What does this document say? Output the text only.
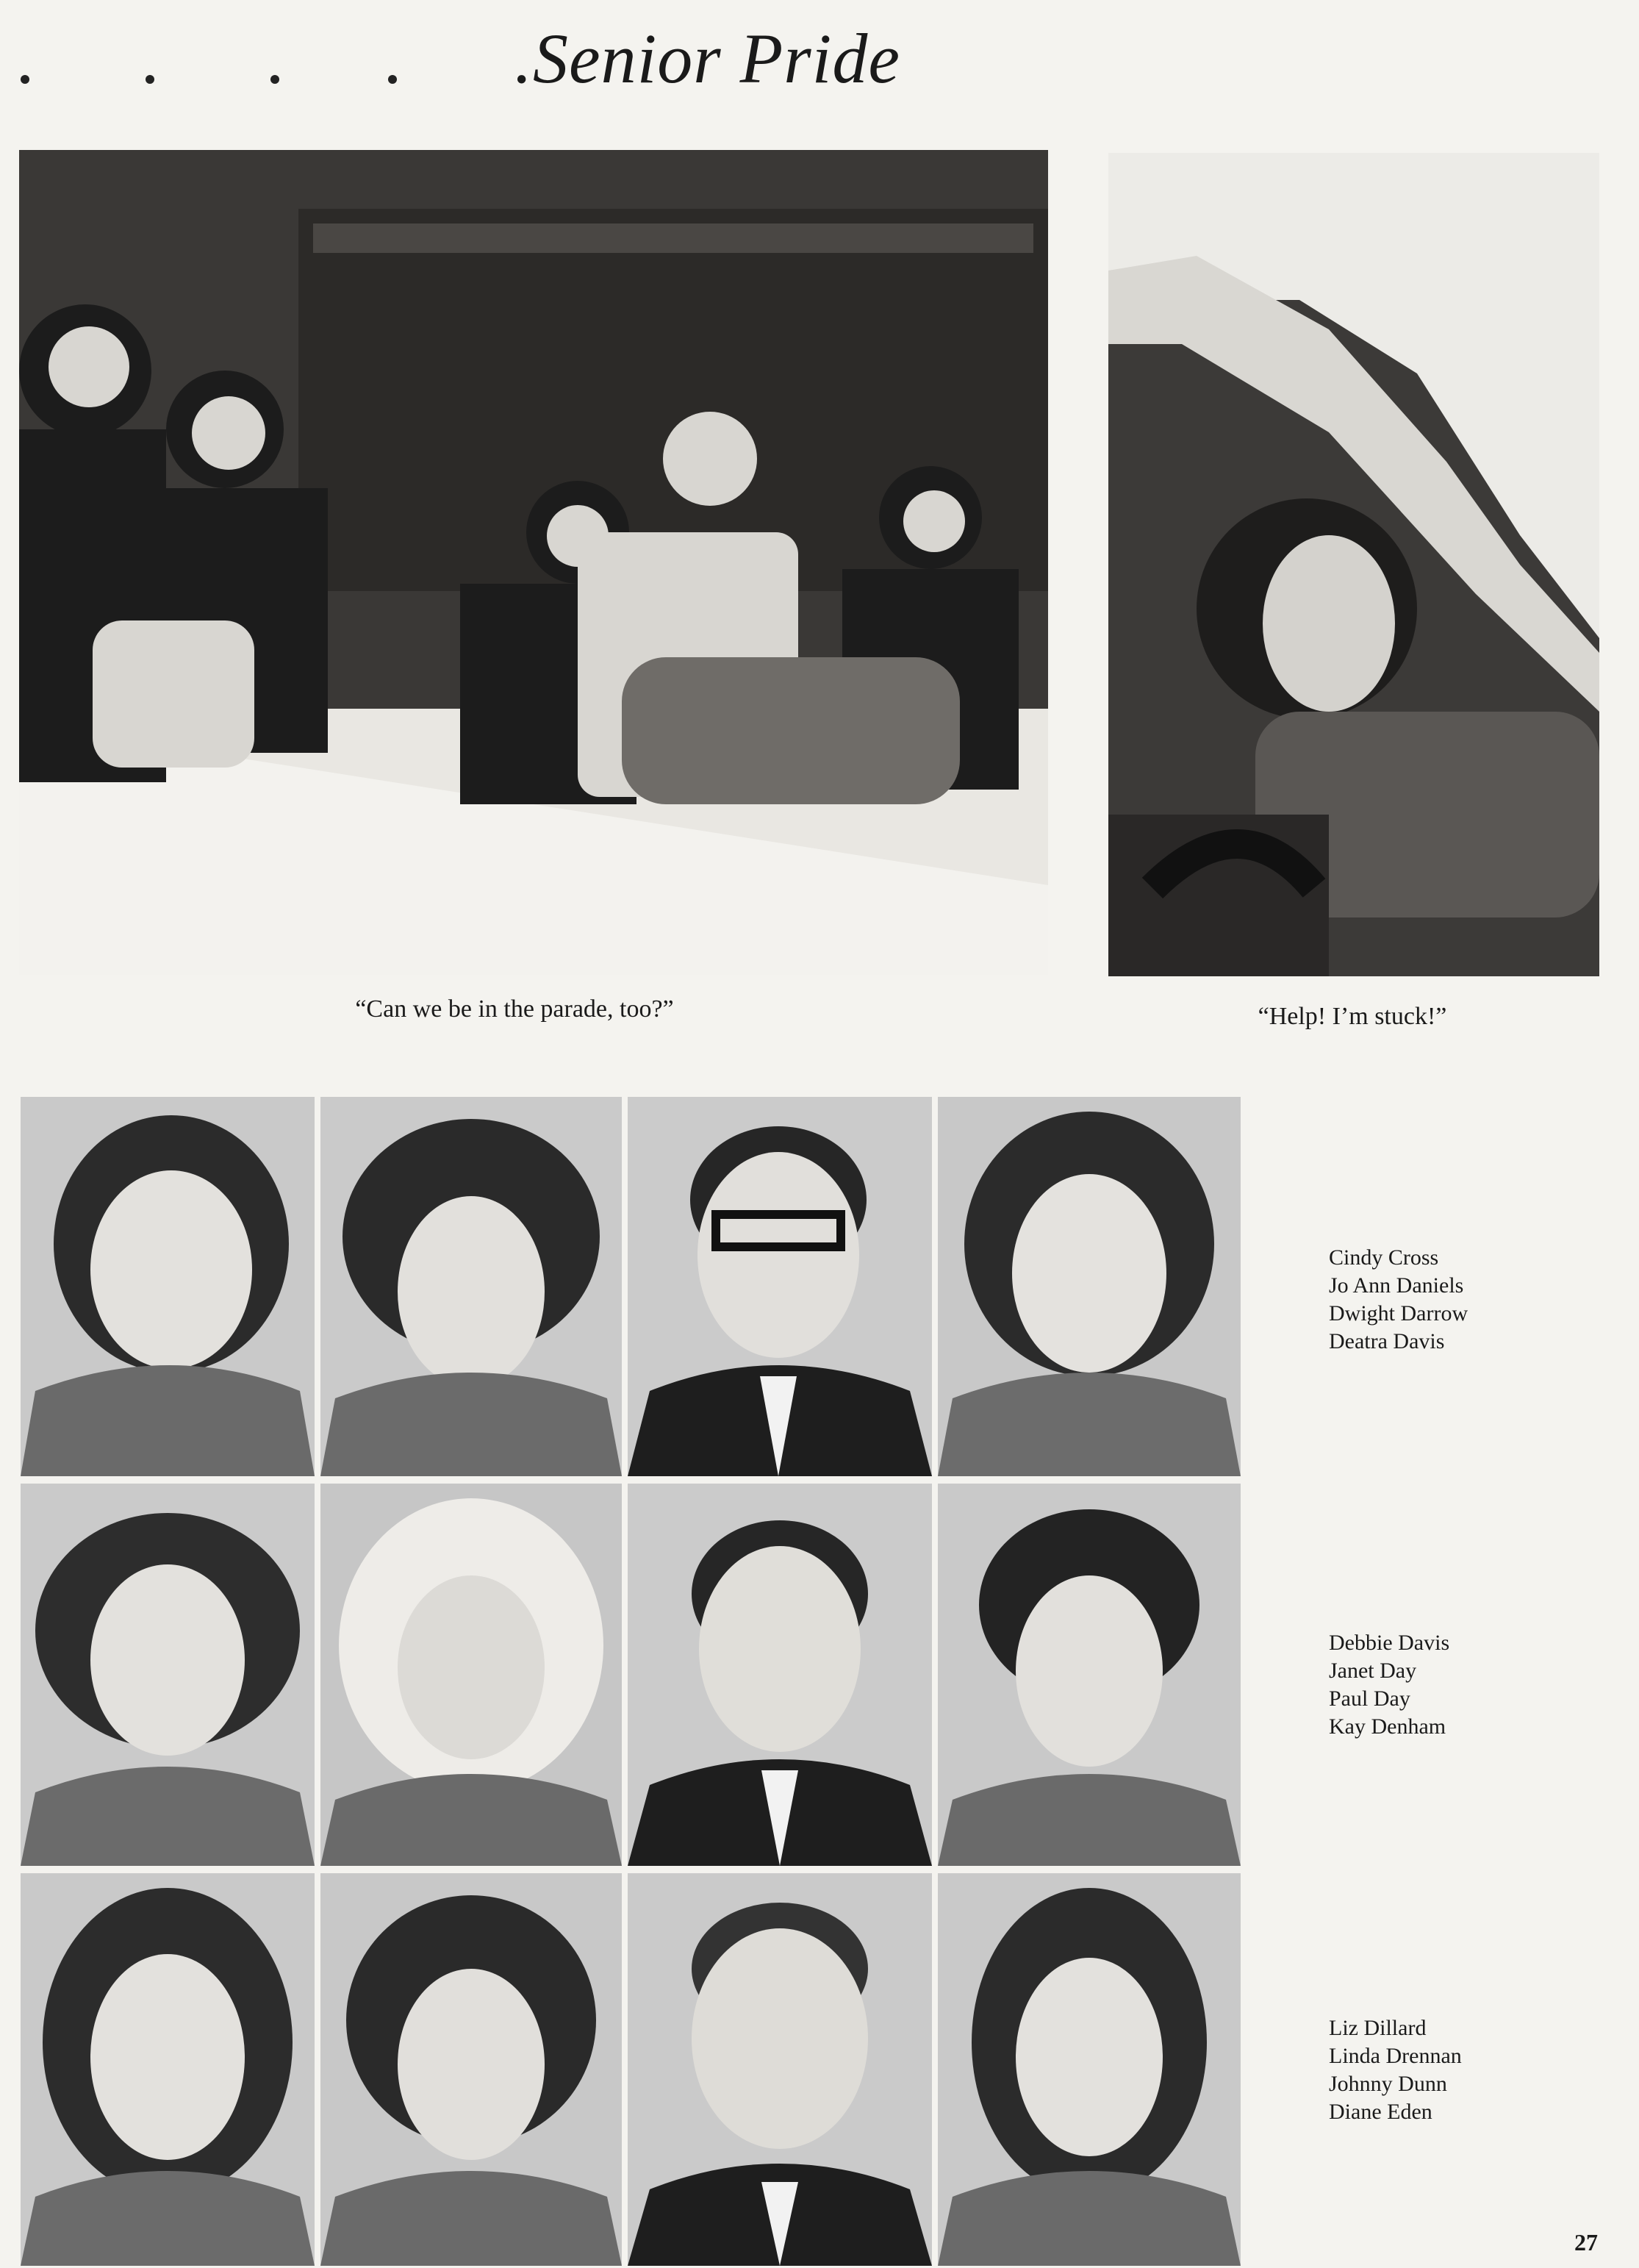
.Senior Pride
“Can we be in the parade, too?”	“Help! I’m stuck!”
Cindy Cross
Jo Ann Daniels
Dwight Darrow
Deatra Davis
Debbie Davis
Janet Day
Paul Day
Kay Denham
Liz Dillard
Linda Drennan
Johnny Dunn
Diane Eden
27
